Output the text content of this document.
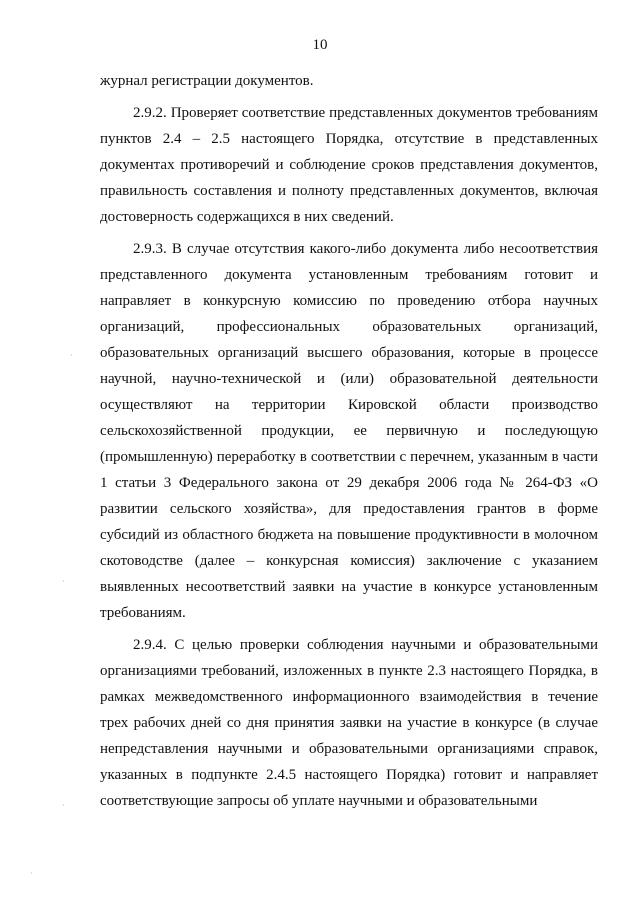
10

журнал регистрации документов.

2.9.2. Проверяет соответствие представленных документов требованиям пунктов 2.4 – 2.5 настоящего Порядка, отсутствие в представленных документах противоречий и соблюдение сроков представления документов, правильность составления и полноту представленных документов, включая достоверность содержащихся в них сведений.

2.9.3. В случае отсутствия какого-либо документа либо несоответствия представленного документа установленным требованиям готовит и направляет в конкурсную комиссию по проведению отбора научных организаций, профессиональных образовательных организаций, образовательных организаций высшего образования, которые в процессе научной, научно-технической и (или) образовательной деятельности осуществляют на территории Кировской области производство сельскохозяйственной продукции, ее первичную и последующую (промышленную) переработку в соответствии с перечнем, указанным в части 1 статьи 3 Федерального закона от 29 декабря 2006 года № 264-ФЗ «О развитии сельского хозяйства», для предоставления грантов в форме субсидий из областного бюджета на повышение продуктивности в молочном скотоводстве (далее – конкурсная комиссия) заключение с указанием выявленных несоответствий заявки на участие в конкурсе установленным требованиям.

2.9.4. С целью проверки соблюдения научными и образовательными организациями требований, изложенных в пункте 2.3 настоящего Порядка, в рамках межведомственного информационного взаимодействия в течение трех рабочих дней со дня принятия заявки на участие в конкурсе (в случае непредставления научными и образовательными организациями справок, указанных в подпункте 2.4.5 настоящего Порядка) готовит и направляет соответствующие запросы об уплате научными и образовательными

·
·
·
·
